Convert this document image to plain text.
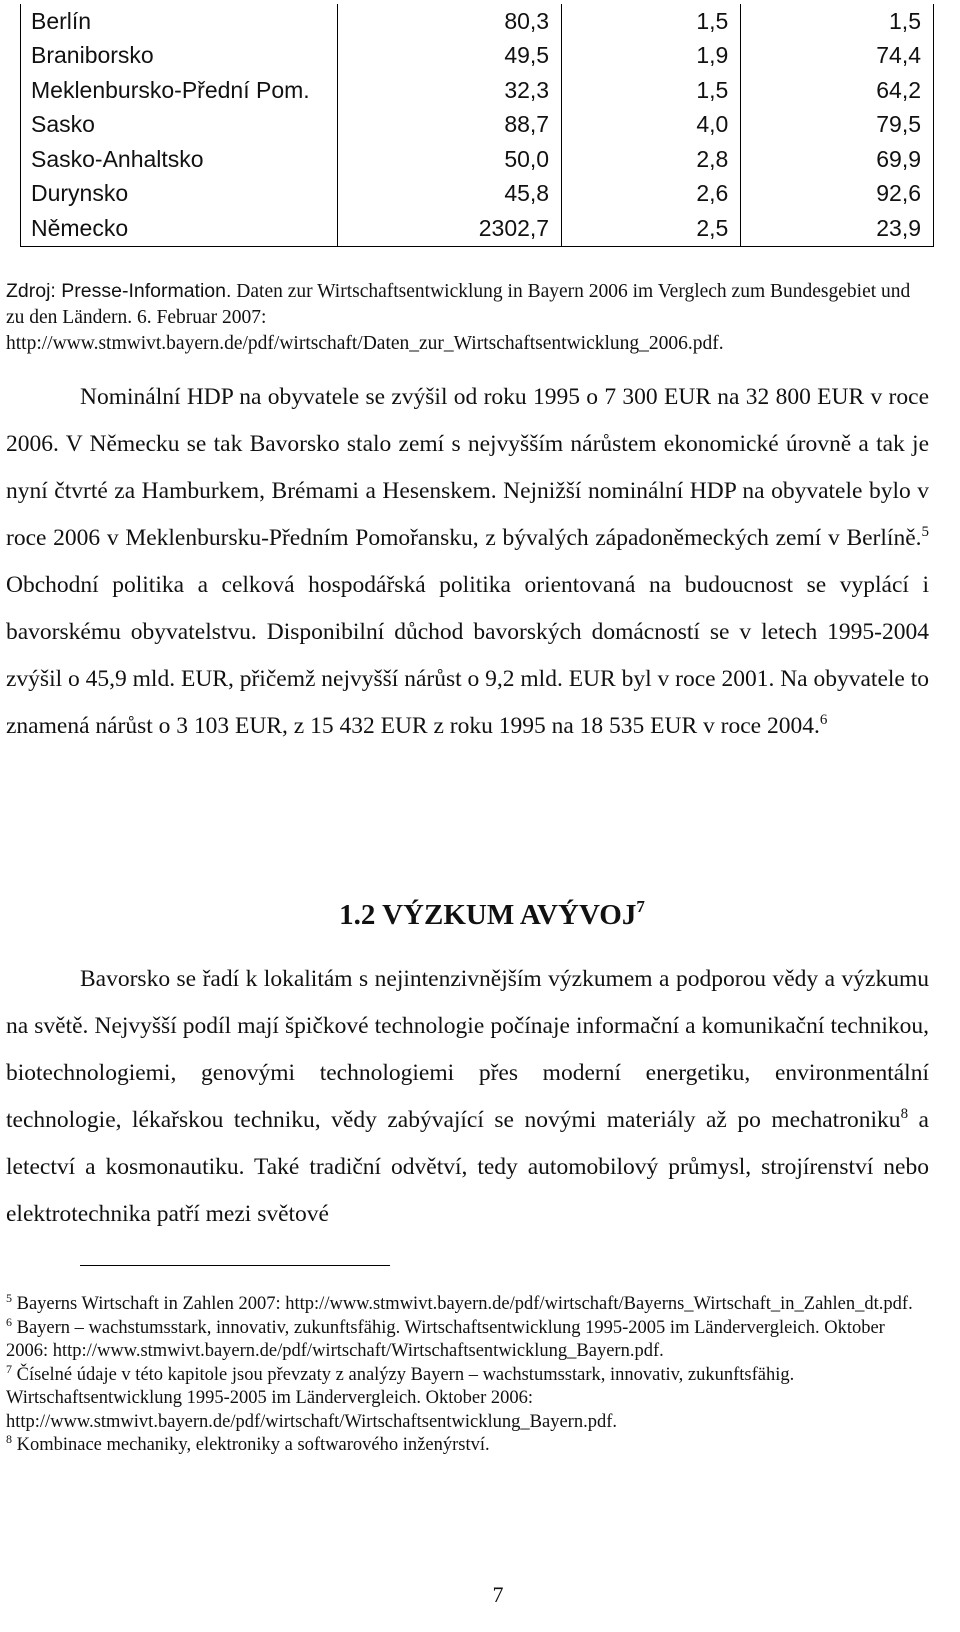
Berlín	80,3	1,5	1,5
Braniborsko	49,5	1,9	74,4
Meklenbursko-Přední Pom.	32,3	1,5	64,2
Sasko	88,7	4,0	79,5
Sasko-Anhaltsko	50,0	2,8	69,9
Durynsko	45,8	2,6	92,6
Německo	2302,7	2,5	23,9
Zdroj: Presse-Information. Daten zur Wirtschaftsentwicklung in Bayern 2006 im Verglech zum Bundesgebiet und zu den Ländern. 6. Februar 2007: http://www.stmwivt.bayern.de/pdf/wirtschaft/Daten_zur_Wirtschaftsentwicklung_2006.pdf.

Nominální HDP na obyvatele se zvýšil od roku 1995 o 7 300 EUR na 32 800 EUR v roce 2006. V Německu se tak Bavorsko stalo zemí s nejvyšším nárůstem ekonomické úrovně a tak je nyní čtvrté za Hamburkem, Brémami a Hesenskem. Nejnižší nominální HDP na obyvatele bylo v roce 2006 v Meklenbursku-Předním Pomořansku, z bývalých západoněmeckých zemí v Berlíně.$^5$ Obchodní politika a celková hospodářská politika orientovaná na budoucnost se vyplácí i bavorskému obyvatelstvu. Disponibilní důchod bavorských domácností se v letech 1995-2004 zvýšil o 45,9 mld. EUR, přičemž nejvyšší nárůst o 9,2 mld. EUR byl v roce 2001. Na obyvatele to znamená nárůst o 3 103 EUR, z 15 432 EUR z roku 1995 na 18 535 EUR v roce 2004.$^6$

1.2 VÝZKUM AVÝVOJ$^7$

Bavorsko se řadí k lokalitám s nejintenzivnějším výzkumem a podporou vědy a výzkumu na světě. Nejvyšší podíl mají špičkové technologie počínaje informační a komunikační technikou, biotechnologiemi, genovými technologiemi přes moderní energetiku, environmentální technologie, lékařskou techniku, vědy zabývající se novými materiály až po mechatroniku$^8$ a letectví a kosmonautiku. Také tradiční odvětví, tedy automobilový průmysl, strojírenství nebo elektrotechnika patří mezi světové

$^5$ Bayerns Wirtschaft in Zahlen 2007: http://www.stmwivt.bayern.de/pdf/wirtschaft/Bayerns_Wirtschaft_in_Zahlen_dt.pdf.
$^6$ Bayern – wachstumsstark, innovativ, zukunftsfähig. Wirtschaftsentwicklung 1995-2005 im Ländervergleich. Oktober 2006: http://www.stmwivt.bayern.de/pdf/wirtschaft/Wirtschaftsentwicklung_Bayern.pdf.
$^7$ Číselné údaje v této kapitole jsou převzaty z analýzy Bayern – wachstumsstark, innovativ, zukunftsfähig. Wirtschaftsentwicklung 1995-2005 im Ländervergleich. Oktober 2006: http://www.stmwivt.bayern.de/pdf/wirtschaft/Wirtschaftsentwicklung_Bayern.pdf.
$^8$ Kombinace mechaniky, elektroniky a softwarového inženýrství.
7
